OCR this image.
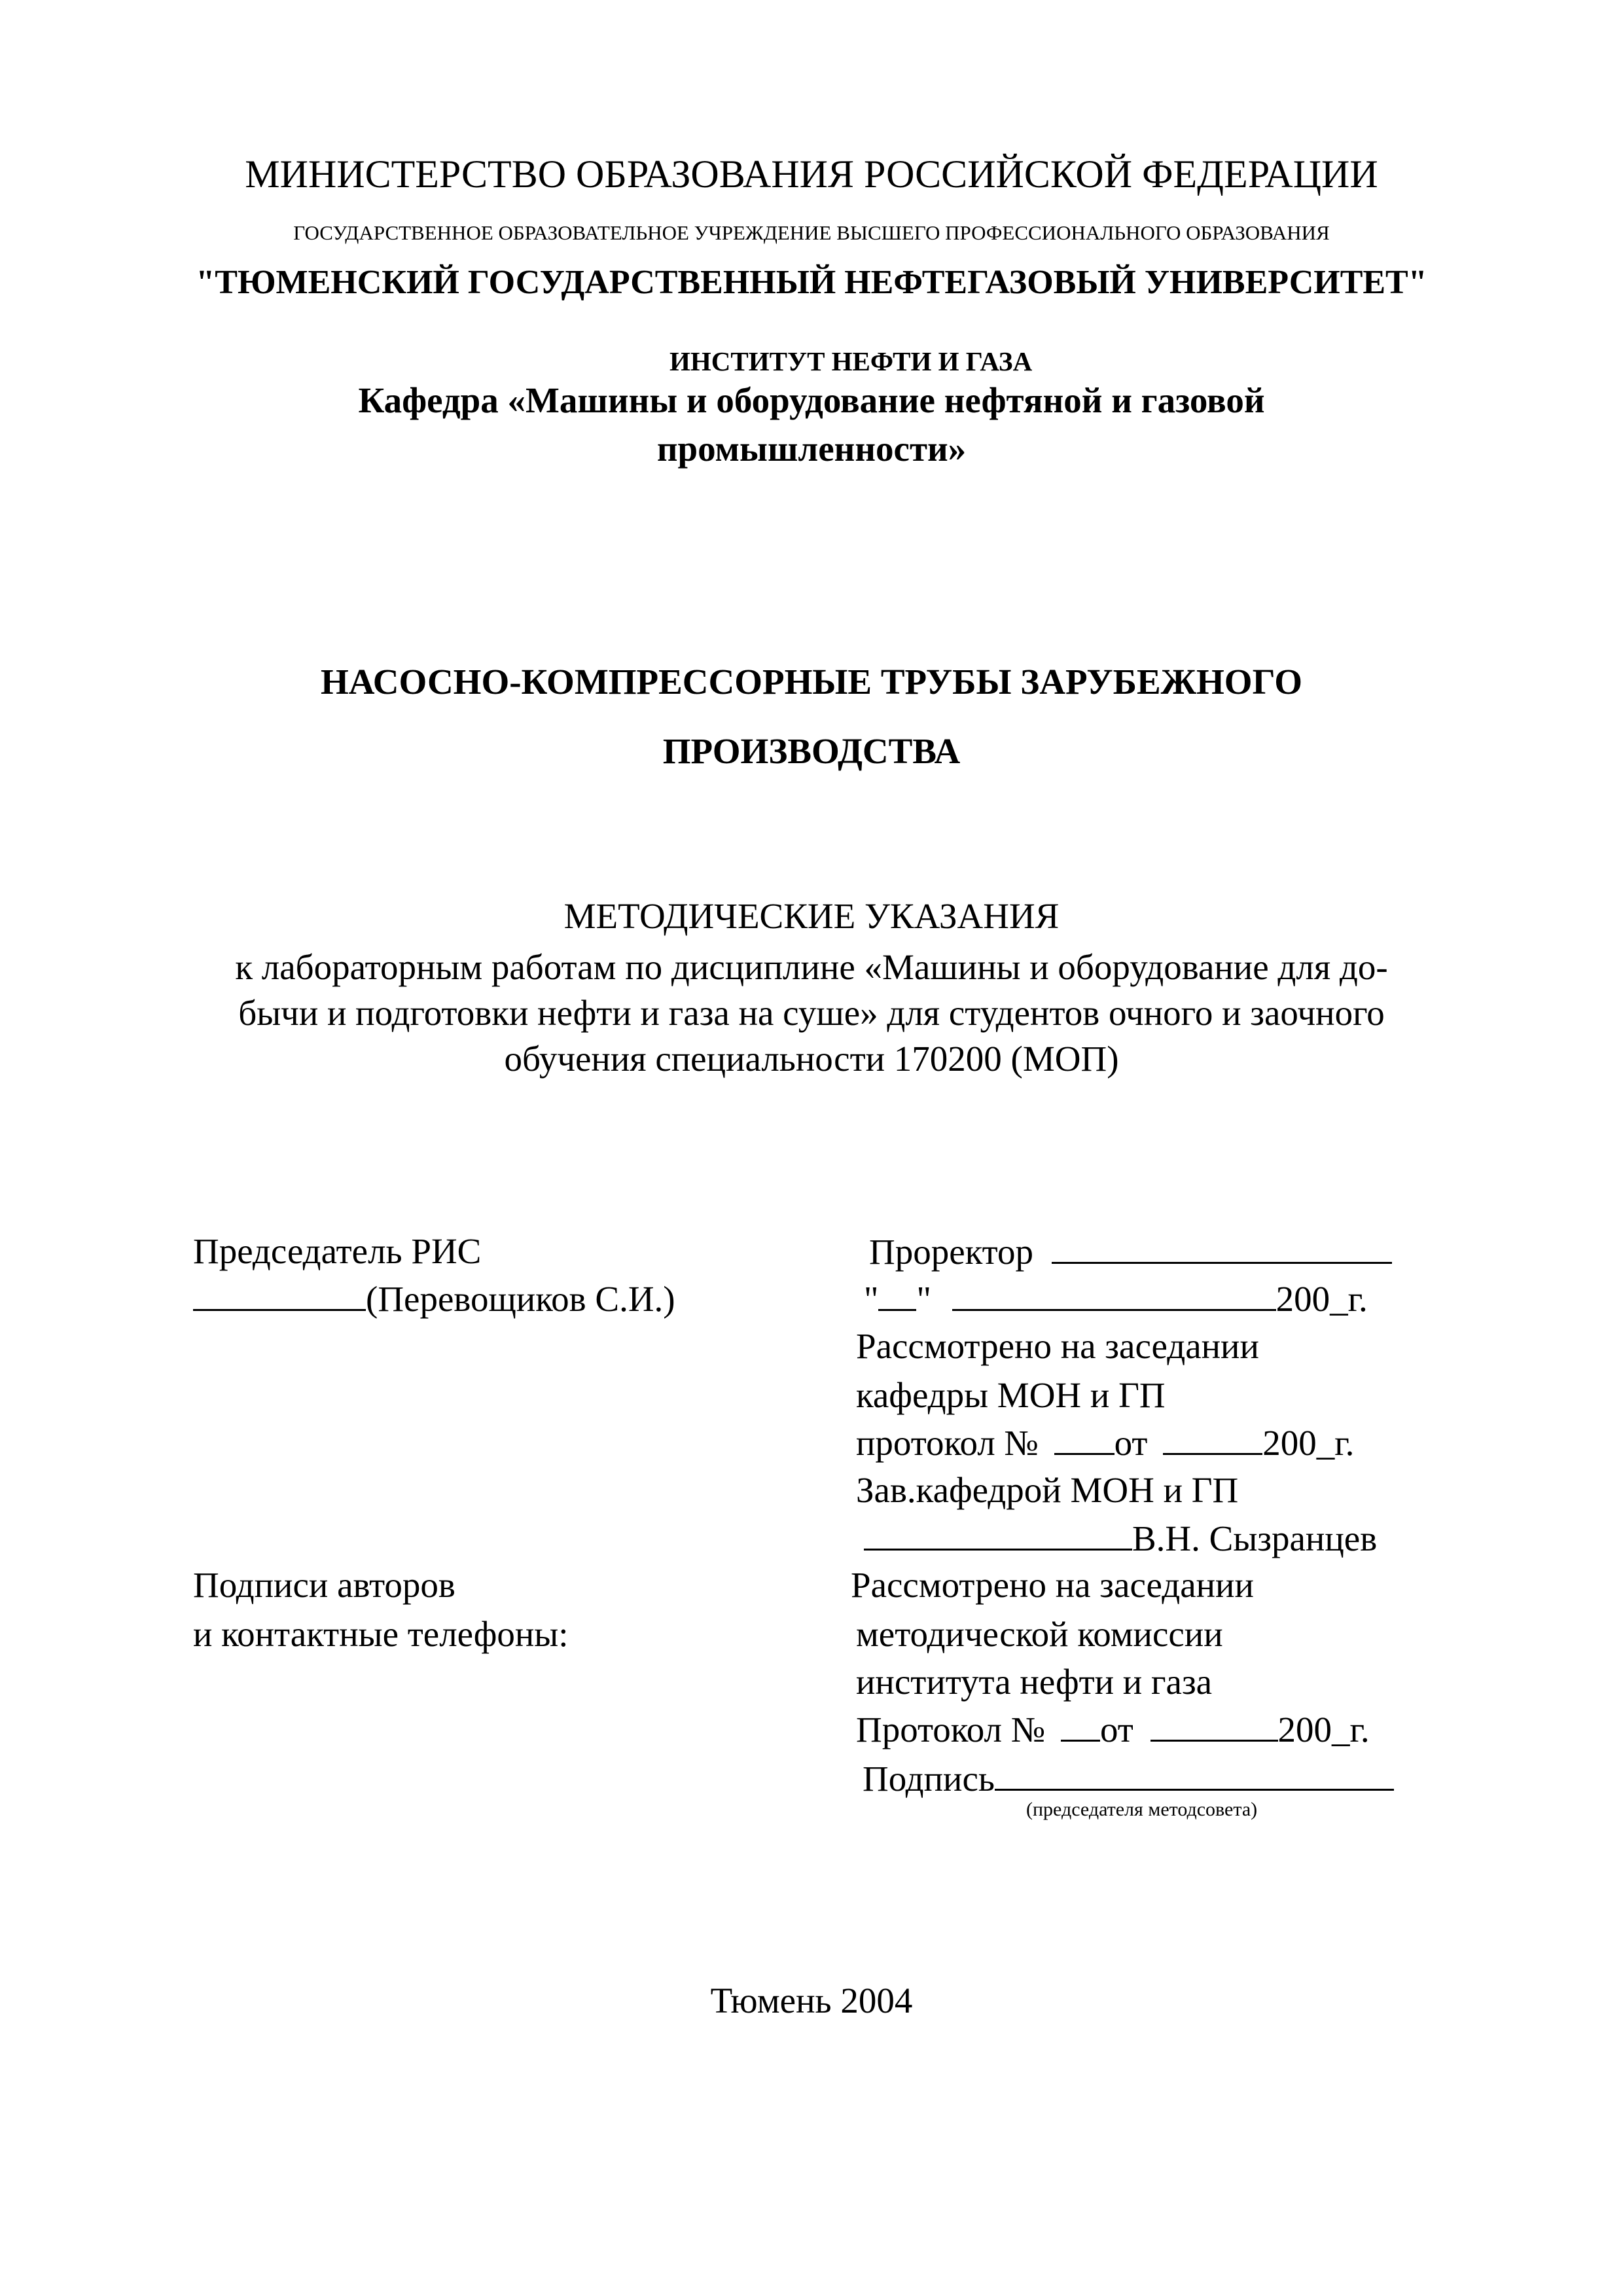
МИНИСТЕРСТВО ОБРАЗОВАНИЯ РОССИЙСКОЙ ФЕДЕРАЦИИ
ГОСУДАРСТВЕННОЕ ОБРАЗОВАТЕЛЬНОЕ УЧРЕЖДЕНИЕ ВЫСШЕГО ПРОФЕССИОНАЛЬНОГО ОБРАЗОВАНИЯ
"ТЮМЕНСКИЙ ГОСУДАРСТВЕННЫЙ НЕФТЕГАЗОВЫЙ УНИВЕРСИТЕТ"
ИНСТИТУТ НЕФТИ И ГАЗА
Кафедра «Машины и оборудование нефтяной и газовой
промышленности»
НАСОСНО-КОМПРЕССОРНЫЕ ТРУБЫ ЗАРУБЕЖНОГО
ПРОИЗВОДСТВА
МЕТОДИЧЕСКИЕ УКАЗАНИЯ
к лабораторным работам по дисциплине «Машины и оборудование для до-
бычи и подготовки нефти и газа на суше» для студентов очного и заочного
обучения специальности 170200 (МОП)
Председатель РИС
(Перевощиков С.И.)
Подписи авторов
и контактные телефоны:
Проректор
" "	200_г.
Рассмотрено на заседании
кафедры МОН и ГП
протокол № от	200_г.
Зав.кафедрой МОН и ГП
В.Н. Сызранцев
Рассмотрено на заседании
методической комиссии
института нефти и газа
Протокол № от	200_г.
Подпись
(председателя методсовета)
Тюмень 2004
